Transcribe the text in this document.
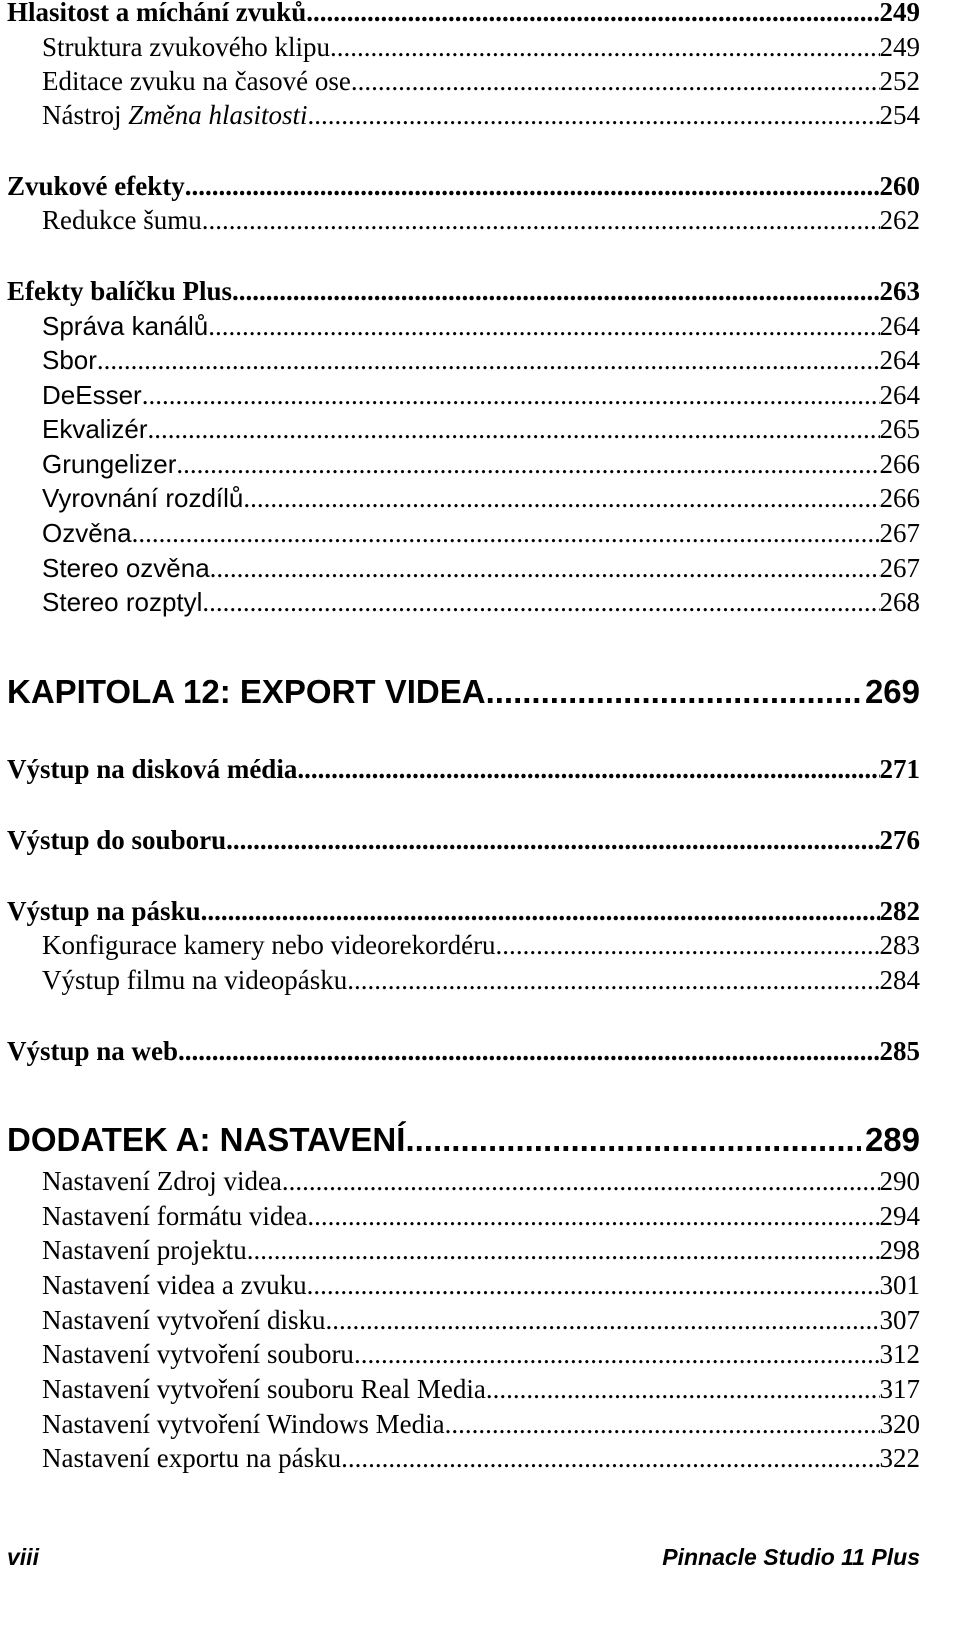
Hlasitost a míchání zvuků .....	249
Struktura zvukového klipu. .....	249
Editace zvuku na časové ose. .....	252
Nástroj Změna hlasitosti .....	254
Zvukové efekty .....	260
Redukce šumu .....	262
Efekty balíčku Plus .....	263
Správa kanálů .....	264
Sbor .....	264
DeEsser .....	264
Ekvalizér .....	265
Grungelizer .....	266
Vyrovnání rozdílů .....	266
Ozvěna .....	267
Stereo ozvěna .....	267
Stereo rozptyl .....	268
KAPITOLA 12: EXPORT VIDEA .....	269
Výstup na disková média .....	271
Výstup do souboru .....	276
Výstup na pásku .....	282
Konfigurace kamery nebo videorekordéru... .....	283
Výstup filmu na videopásku .....	284
Výstup na web .....	285
DODATEK A: NASTAVENÍ .....	289
Nastavení Zdroj videa .....	290
Nastavení formátu videa .....	294
Nastavení projektu .....	298
Nastavení videa a zvuku .....	301
Nastavení vytvoření disku .....	307
Nastavení vytvoření souboru .....	312
Nastavení vytvoření souboru Real Media .....	317
Nastavení vytvoření Windows Media .....	320
Nastavení exportu na pásku .....	322
viii	Pinnacle Studio 11 Plus
